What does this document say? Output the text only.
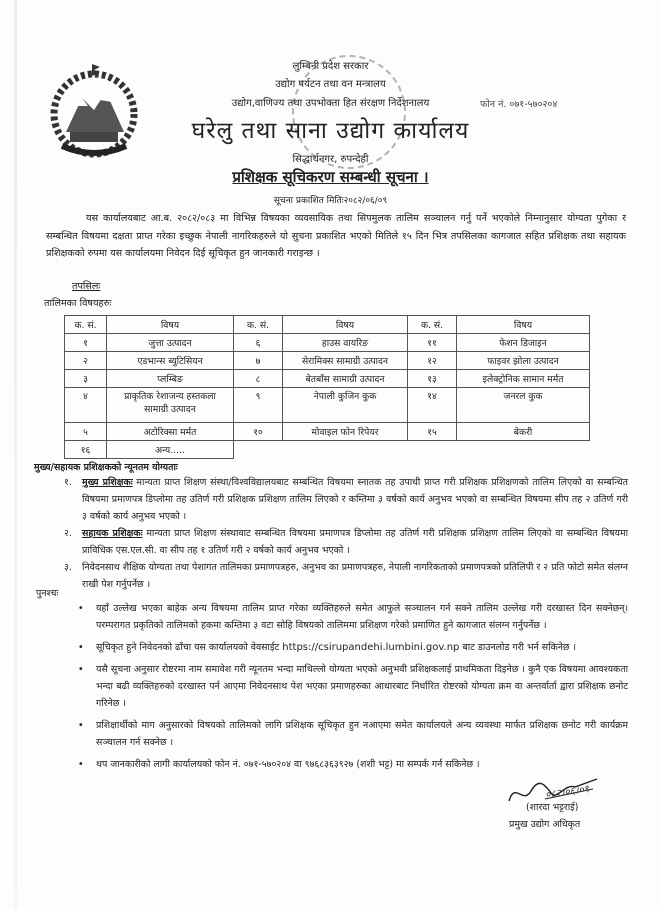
लुम्बिनी प्रदेश सरकार
उद्योग पर्यटन तथा वन मन्त्रालय
उद्योग,वाणिज्य तथा उपभोक्ता हित संरक्षण निर्देशनालय	फोन नं. ०७१-५७०२०४
घरेलु तथा साना उद्योग कार्यालय
सिद्धार्थनगर, रुपन्देही
प्रशिक्षक सूचिकरण सम्बन्धी सूचना ।
सूचना प्रकाशित मितिः२०८२/०६/०९
यस कार्यालयबाट आ.ब. २०८२/०८३ मा विभिन्न विषयका व्यवसायिक तथा सिपमुलक तालिम सञ्चालन गर्नु पर्ने भएकोले निम्नानुसार योग्यता पुगेका र सम्बन्धित विषयमा दक्षता प्राप्त गरेका इच्छुक नेपाली नागरिकहरुले यो सुचना प्रकाशित भएको मितिले १५ दिन भित्र तपसिलका कागजात सहित प्रशिक्षक तथा सहायक प्रशिक्षकको रुपमा यस कार्यालयमा निवेदन दिई सूचिकृत हुन जानकारी गराइन्छ ।
तपसिलः
तालिमका विषयहरुः
क. सं.	विषय	क. सं.	विषय	क. सं.	विषय
१	जुत्ता उत्पादन	६	हाउस वायरिङ	११	फेशन डिजाइन
२	एडभान्स ब्युटिसियन	७	सेरामिक्स सामाग्री उत्पादन	१२	फाइवर झोला उत्पादन
३	प्लम्बिङ	८	बेतबाँस सामाग्री उत्पादन	१३	इलेक्ट्रोनिक सामान मर्मत
४	प्राकृतिक रेशाजन्य हस्तकला सामाग्री उत्पादन	९	नेपाली कुजिन कुक	१४	जनरल कुक
५	अटोरिक्सा मर्मत	१०	मोवाइल फोन रिपेयर	१५	बेकरी
१६	अन्य.....				
मुख्य/सहायक प्रशिक्षकको न्यूनतम योग्यताः
१. मुख्य प्रशिक्षकः मान्यता प्राप्त शिक्षण संस्था/विश्वविद्यालयबाट सम्बन्धित विषयमा स्नातक तह उपाधी प्राप्त गरी प्रशिक्षक प्रशिक्षणको तालिम लिएको वा सम्बन्धित विषयमा प्रमाणपत्र डिप्लोमा तह उतिर्ण गरी प्रशिक्षक प्रशिक्षण तालिम लिएको र कम्तिमा ३ वर्षको कार्य अनुभव भएको वा सम्बन्धित विषयमा सीप तह २ उतिर्ण गरी ३ वर्षको कार्य अनुभव भएको ।
२. सहायक प्रशिक्षकः मान्यता प्राप्त शिक्षण संस्थावाट सम्बन्धित विषयमा प्रमाणपत्र डिप्लोमा तह उतिर्ण गरी प्रशिक्षक प्रशिक्षण तालिम लिएको वा सम्बन्धित विषयमा प्राविधिक एस.एल.सी. वा सीप तह १ उतिर्ण गरी २ वर्षको कार्य अनुभव भएको ।
३. निवेदनसाथ शैक्षिक योग्यता तथा पेशागत तालिमका प्रमाणपत्रहरु, अनुभव का प्रमाणपत्रहरु, नेपाली नागरिकताको प्रमाणपत्रको प्रतिलिपी र २ प्रति फोटो समेत संलग्न राखी पेश गर्नुपर्नेछ ।
पुनश्चः
• यहाँ उल्लेख भएका बाहेक अन्य विषयमा तालिम प्राप्त गरेका व्यक्तिहरुले समेत आफुले सञ्चालन गर्न सक्ने तालिम उल्लेख गरी दरखास्त दिन सक्नेछन्। परम्परागत प्रकृतिको तालिमको हकमा कम्तिमा ३ वटा सोहि विषयको तालिममा प्रशिक्षण गरेको प्रमाणित हुने कागजात संलग्न गर्नुपर्नेछ ।
• सूचिकृत हुने निवेदनको ढाँचा यस कार्यालयको वेवसाईट https://csirupandehi.lumbini.gov.np बाट डाउनलोड गरी भर्न सकिनेछ ।
• यसै सूचना अनुसार रोष्टरमा नाम समावेश गरी न्यूनतम भन्दा माथिल्लो योग्यता भएको अनुभवी प्रशिक्षकलाई प्राथमिकता दिइनेछ । कुनै एक विषयमा आवश्यकता भन्दा बढी व्यक्तिहरुको दरखास्त पर्न आएमा निवेदनसाथ पेश भएका प्रमाणहरुका आधारबाट निर्धारित रोष्टरको योग्यता क्रम वा अन्तर्वार्ता द्वारा प्रशिक्षक छनोट गरिनेछ ।
• प्रशिक्षार्थीको माग अनुसारको विषयको तालिमको लागि प्रशिक्षक सूचिकृत हुन नआएमा समेत कार्यालयले अन्य व्यवस्था मार्फत प्रशिक्षक छनोट गरी कार्यक्रम सञ्चालन गर्न सक्नेछ ।
• थप जानकारीको लागी कार्यालयको फोन नं. ०७१-५७०२०४ वा ९७६८३६३९२७ (शशी भट्ट) मा सम्पर्क गर्न सकिनेछ ।
०८२।०६।०९
(शारदा भट्टराई)
प्रमुख उद्योग अधिकृत
